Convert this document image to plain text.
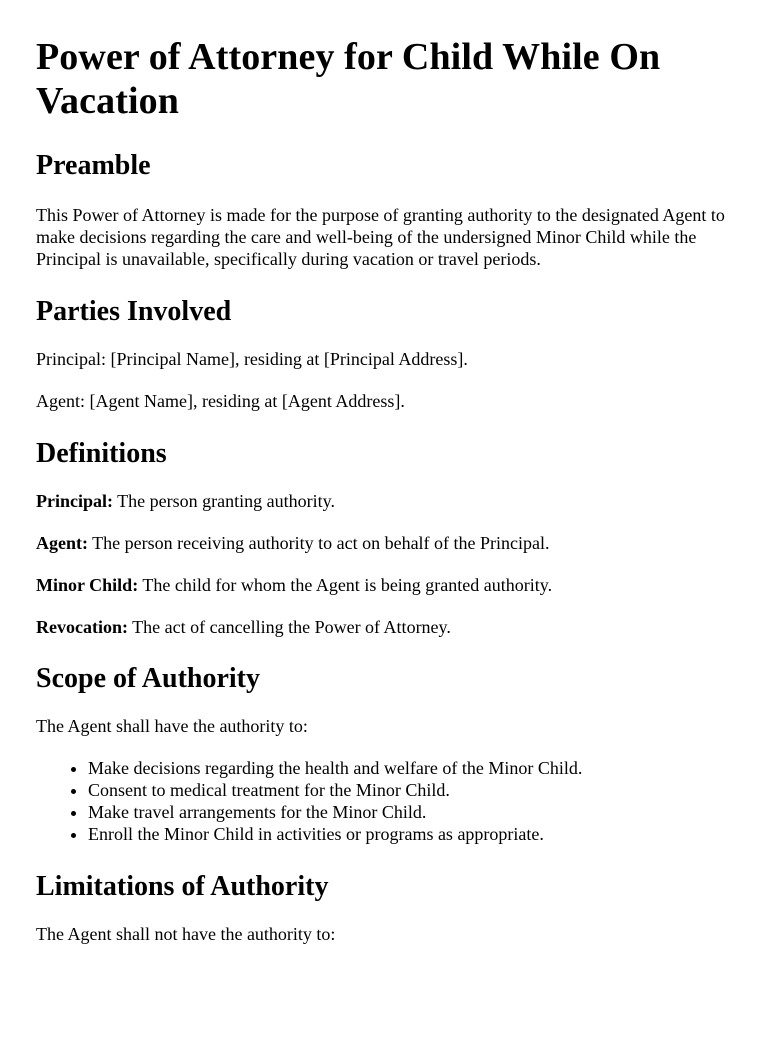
Power of Attorney for Child While On Vacation
Preamble

This Power of Attorney is made for the purpose of granting authority to the designated Agent to make decisions regarding the care and well-being of the undersigned Minor Child while the Principal is unavailable, specifically during vacation or travel periods.

Parties Involved

Principal: [Principal Name], residing at [Principal Address].

Agent: [Agent Name], residing at [Agent Address].

Definitions

Principal: The person granting authority.

Agent: The person receiving authority to act on behalf of the Principal.

Minor Child: The child for whom the Agent is being granted authority.

Revocation: The act of cancelling the Power of Attorney.

Scope of Authority

The Agent shall have the authority to:

• Make decisions regarding the health and welfare of the Minor Child.
• Consent to medical treatment for the Minor Child.
• Make travel arrangements for the Minor Child.
• Enroll the Minor Child in activities or programs as appropriate.
Limitations of Authority

The Agent shall not have the authority to:
